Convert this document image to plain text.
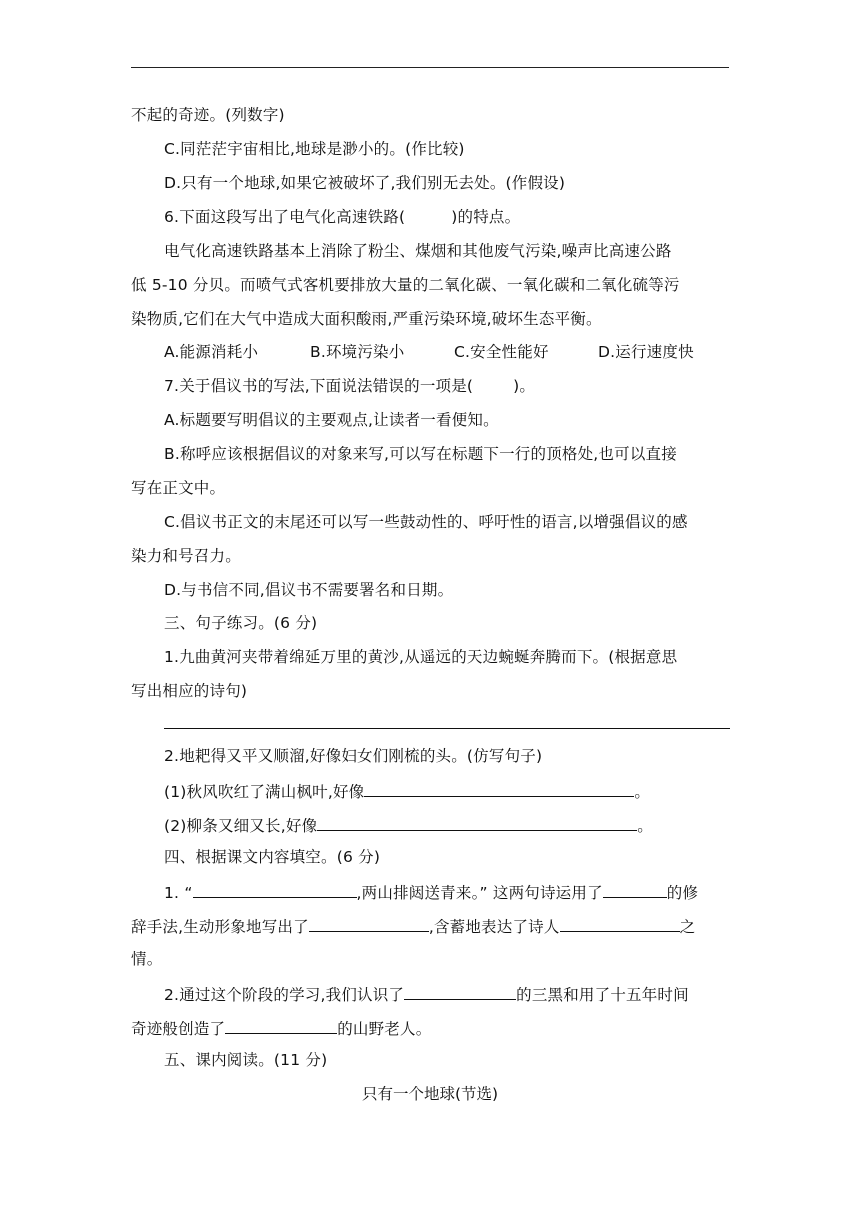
不起的奇迹。(列数字)
C.同茫茫宇宙相比,地球是渺小的。(作比较)
D.只有一个地球,如果它被破坏了,我们别无去处。(作假设)
6.下面这段写出了电气化高速铁路(	)的特点。
电气化高速铁路基本上消除了粉尘、煤烟和其他废气污染,噪声比高速公路
低 5-10 分贝。而喷气式客机要排放大量的二氧化碳、一氧化碳和二氧化硫等污
染物质,它们在大气中造成大面积酸雨,严重污染环境,破坏生态平衡。
A.能源消耗小	B.环境污染小	C.安全性能好	D.运行速度快
7.关于倡议书的写法,下面说法错误的一项是(	)。
A.标题要写明倡议的主要观点,让读者一看便知。
B.称呼应该根据倡议的对象来写,可以写在标题下一行的顶格处,也可以直接
写在正文中。
C.倡议书正文的末尾还可以写一些鼓动性的、呼吁性的语言,以增强倡议的感
染力和号召力。
D.与书信不同,倡议书不需要署名和日期。
三、句子练习。(6 分)
1.九曲黄河夹带着绵延万里的黄沙,从遥远的天边蜿蜒奔腾而下。(根据意思
写出相应的诗句)
2.地耙得又平又顺溜,好像妇女们刚梳的头。(仿写句子)
(1)秋风吹红了满山枫叶,好像	。
(2)柳条又细又长,好像	。
四、根据课文内容填空。(6 分)
1. “	,两山排闼送青来。” 这两句诗运用了	的修
辞手法,生动形象地写出了	,含蓄地表达了诗人	之
情。
2.通过这个阶段的学习,我们认识了	的三黑和用了十五年时间
奇迹般创造了	的山野老人。
五、课内阅读。(11 分)
只有一个地球(节选)
